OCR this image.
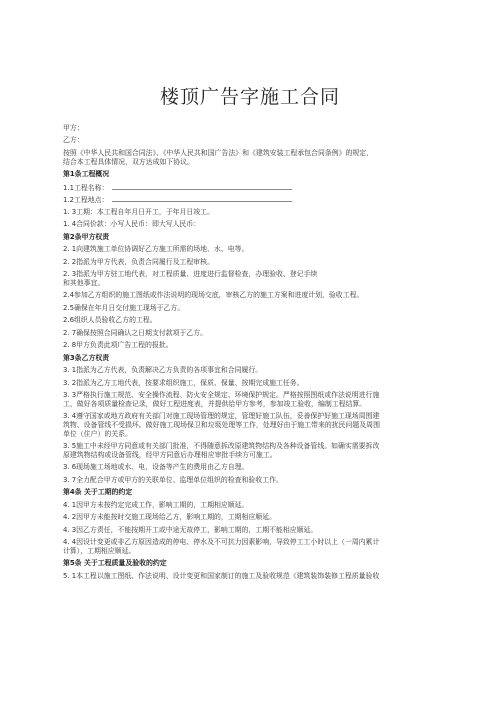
楼顶广告字施工合同
甲方：
乙方：
按照《中华人民共和国合同法》、《中华人民共和国广告法》和《建筑安装工程承包合同条例》的规定，
结合本工程具体情况，双方达成如下协议。
第1条工程概况
1.1工程名称：
1.2工程地点：
1. 3工期：本工程自年月日开工，于年月日竣工。
1. 4合同价款：小写人民币：即大写人民币：
第2条甲方权责
2. 1向建筑施工单位协调好乙方施工所需的场地、水、电等。
2. 2指派为甲方代表，负责合同履行及工程审核。
2. 3指派为甲方驻工地代表，对工程质量、进度进行监督检查，办理验收、登记手续
和其他事宜。
2.4参加乙方组织的施工图纸或作法说明的现场交底，审核乙方的施工方案和进度计划，验收工程。
2.5确保在年月日交付施工现场于乙方。
2.6组织人员验收乙方的工程。
2. 7确保按照合同确认之日期支付款项于乙方。
2. 8甲方负责此项广告工程的报批。
第3条乙方权责
3. 1指派为乙方代表，负责解决乙方负责的各项事宜和合同履行。
3. 2指派为乙方工地代表，按要求组织施工，保质、保量、按期完成施工任务。
3. 3严格执行施工规范、安全操作流程、防火安全规定、环境保护规定。严格按照图纸或作法说明进行施
工，做好各项质量检查记录，做好工程进度表，并提供给甲方参考，参加竣工验收，编制工程结算。
3. 4遵守国家或地方政府有关部门对施工现场管理的规定，管理好施工队伍，妥善保护好施工现场周围建
筑物、设备管线不受损坏。做好施工现场保卫和垃圾处理等工作，处理好由于施工带来的扰民问题及周围
单位（住户）的关系。
3. 5施工中未经甲方同意或有关部门批准，不得随意拆改原建筑物结构及各种设备管线。如确实需要拆改
原建筑物结构或设备管线，经甲方同意后办理相应审批手续方可施工。
3. 6现场施工场地或水、电，设备等产生的费用由乙方自理。
3. 7全力配合甲方或甲方的关联单位、监理单位组织的检查和验收工作。
第4条 关于工期的约定
4. 1因甲方未按约定完成工作，影响工期的，工期相应顺延。
4. 2因甲方未能按时交施工现场给乙方，影响工期的，工期相应顺延。
4. 3因乙方责任，不能按期开工或中途无故停工，影响工期的，工期不能相应顺延。
4. 4因设计变更或非乙方原因造成的停电、停水及不可抗力因素影响，导致停工工小时以上（一周内累计
计算），工期相应顺延。
第5条 关于工程质量及验收的约定
5. 1本工程以施工图纸、作法说明、设计变更和国家制订的施工及验收规范《建筑装饰装修工程质量验收
